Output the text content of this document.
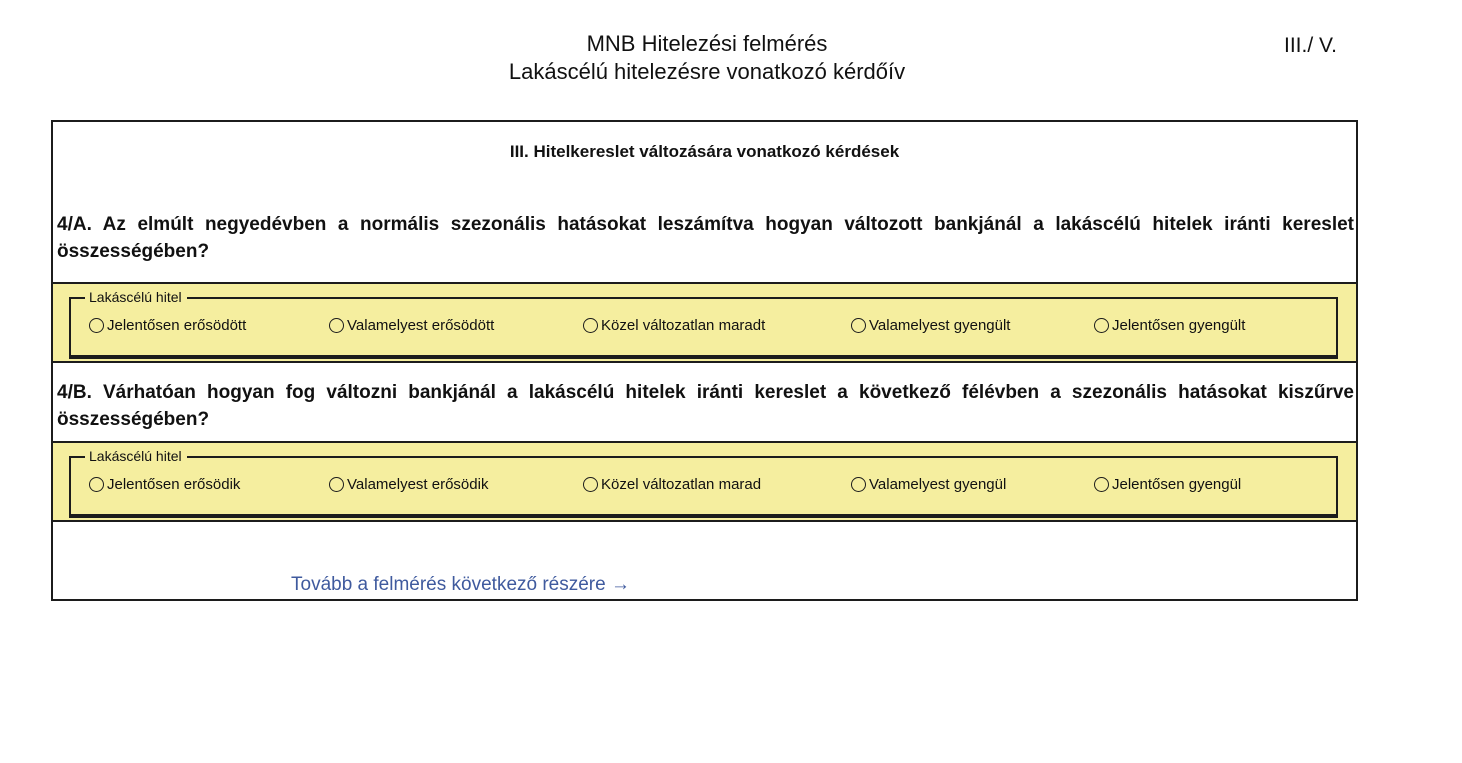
MNB Hitelezési felmérés
Lakáscélú hitelezésre vonatkozó kérdőív
III./ V.
III. Hitelkereslet változására vonatkozó kérdések
4/A. Az elmúlt negyedévben a normális szezonális hatásokat leszámítva hogyan változott bankjánál a lakáscélú hitelek iránti kereslet összességében?
Lakáscélú hitel
Jelentősen erősödött	Valamelyest erősödött	Közel változatlan maradt	Valamelyest gyengült	Jelentősen gyengült
4/B. Várhatóan hogyan fog változni bankjánál a lakáscélú hitelek iránti kereslet a következő félévben a szezonális hatásokat kiszűrve összességében?
Lakáscélú hitel
Jelentősen erősödik	Valamelyest erősödik	Közel változatlan marad	Valamelyest gyengül	Jelentősen gyengül
Tovább a felmérés következő részére →
